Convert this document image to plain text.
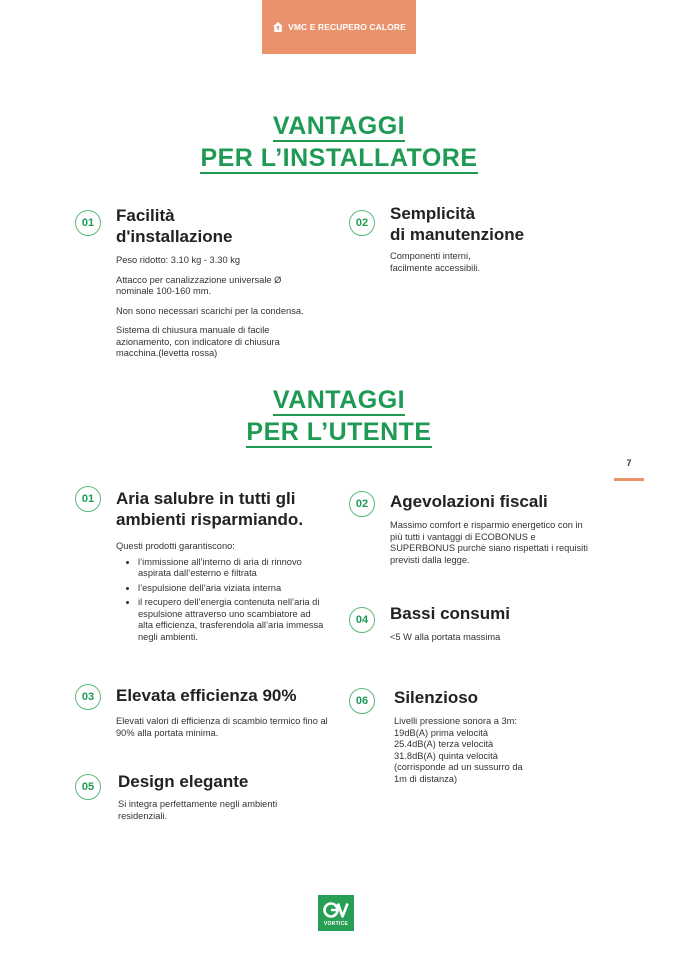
VMC E RECUPERO CALORE
VANTAGGI
PER L’INSTALLATORE
01	Facilità
d'installazione

Peso ridotto: 3.10 kg - 3.30 kg

Attacco per canalizzazione universale Ø nominale 100-160 mm.

Non sono necessari scarichi per la condensa.

Sistema di chiusura manuale di facile azionamento, con indicatore di chiusura macchina.(levetta rossa)

02	Semplicità
di manutenzione
Componenti interni, facilmente accessibili.
VANTAGGI
PER L’UTENTE
7
01	Aria salubre in tutti gli
ambienti risparmiando.
Questi prodotti garantiscono:
• l’immissione all’interno di aria di rinnovo aspirata dall’esterno e filtrata
• l’espulsione dell’aria viziata interna
• il recupero dell’energia contenuta nell’aria di espulsione attraverso uno scambiatore ad alta efficienza, trasferendola all’aria immessa negli ambienti.
02	Agevolazioni fiscali
Massimo comfort e risparmio energetico con in più tutti i vantaggi di ECOBONUS e SUPERBONUS purchè siano rispettati i requisiti previsti dalla legge.
04	Bassi consumi
<5 W alla portata massima
03	Elevata efficienza 90%
Elevati valori di efficienza di scambio termico fino al 90% alla portata minima.
06	Silenzioso
Livelli pressione sonora a 3m:
19dB(A) prima velocità
25.4dB(A) terza velocità
31.8dB(A) quinta velocità
(corrisponde ad un sussurro da 1m di distanza)
05	Design elegante
Si integra perfettamente negli ambienti residenziali.
VORTICE
